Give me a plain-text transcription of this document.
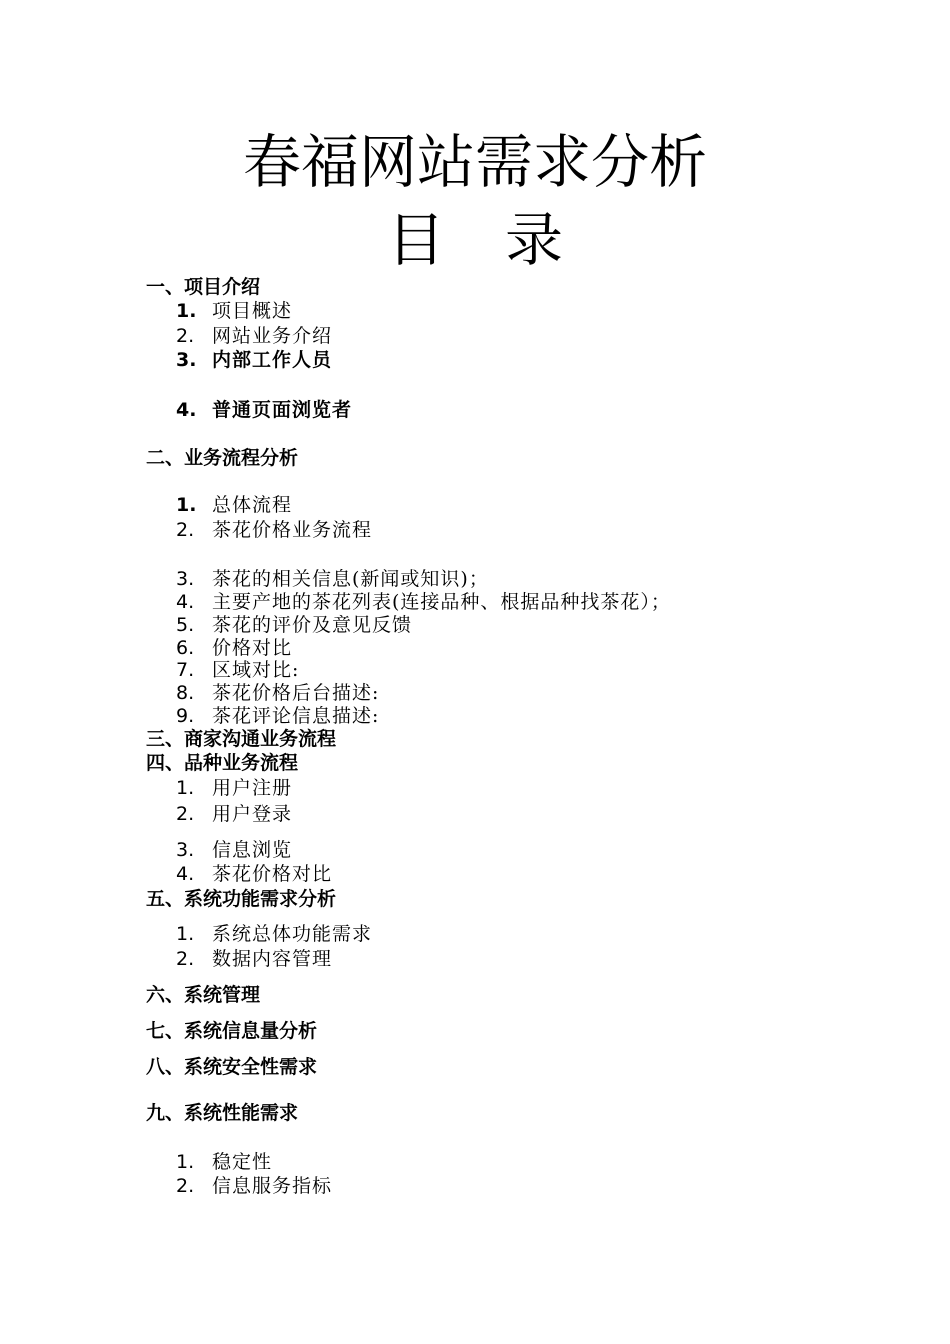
春福网站需求分析
目录
一、项目介绍
1. 项目概述
2. 网站业务介绍
3. 内部工作人员
4. 普通页面浏览者
二、业务流程分析
1. 总体流程
2. 茶花价格业务流程
3. 茶花的相关信息(新闻或知识)；
4. 主要产地的茶花列表(连接品种、根据品种找茶花）；
5. 茶花的评价及意见反馈
6. 价格对比
7. 区域对比:
8. 茶花价格后台描述:
9. 茶花评论信息描述:
三、商家沟通业务流程
四、品种业务流程
1. 用户注册
2. 用户登录
3. 信息浏览
4. 茶花价格对比
五、系统功能需求分析
1. 系统总体功能需求
2. 数据内容管理
六、系统管理
七、系统信息量分析
八、系统安全性需求
九、系统性能需求
1. 稳定性
2. 信息服务指标
